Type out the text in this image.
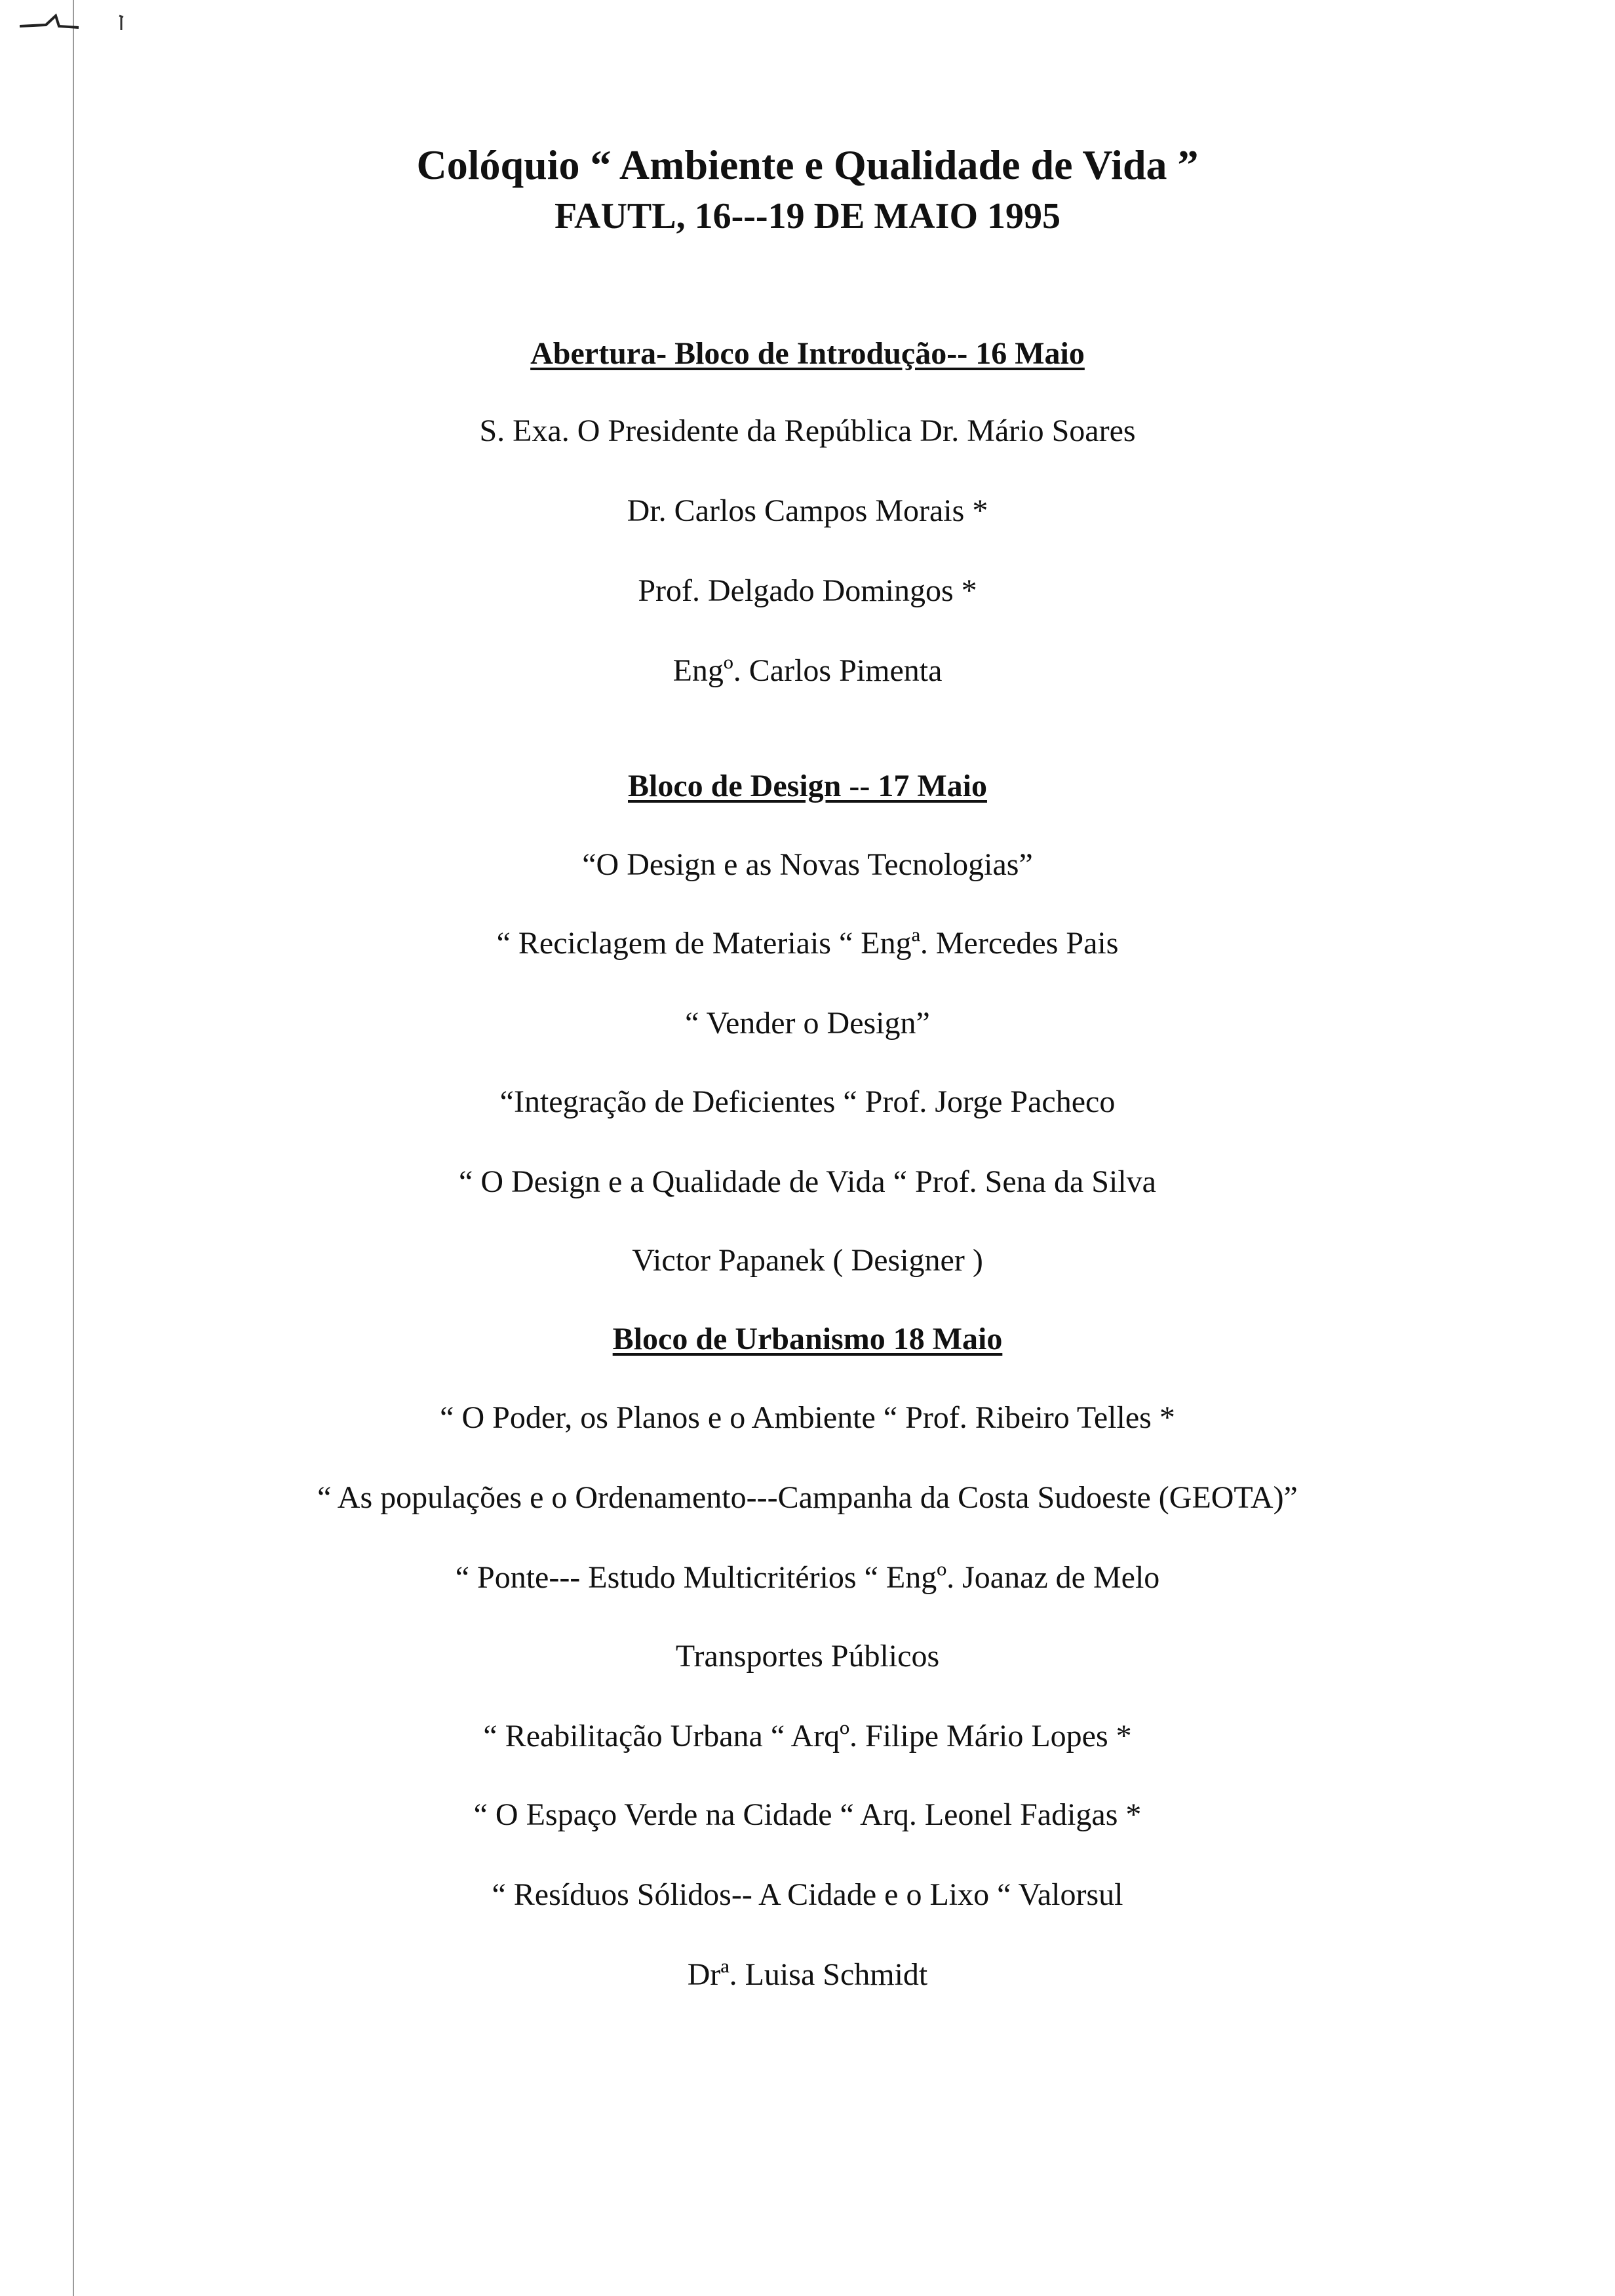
Colóquio “ Ambiente e Qualidade de Vida ”
FAUTL, 16---19 DE MAIO 1995
Abertura- Bloco de Introdução-- 16 Maio
S. Exa. O Presidente da República Dr. Mário Soares
Dr. Carlos Campos Morais *
Prof. Delgado Domingos *
Engº. Carlos Pimenta
Bloco de Design -- 17 Maio
“O Design e as Novas Tecnologias”
“ Reciclagem de Materiais “ Engª. Mercedes Pais
“ Vender o Design”
“Integração de Deficientes “ Prof. Jorge Pacheco
“ O Design e a Qualidade de Vida “ Prof. Sena da Silva
Victor Papanek ( Designer )
Bloco de Urbanismo 18 Maio
“ O Poder, os Planos e o Ambiente “ Prof. Ribeiro Telles *
“ As populações e o Ordenamento---Campanha da Costa Sudoeste (GEOTA)”
“ Ponte--- Estudo Multicritérios “ Engº. Joanaz de Melo
Transportes Públicos
“ Reabilitação Urbana “ Arqº. Filipe Mário Lopes *
“ O Espaço Verde na Cidade “ Arq. Leonel Fadigas *
“ Resíduos Sólidos-- A Cidade e o Lixo “ Valorsul
Drª. Luisa Schmidt
